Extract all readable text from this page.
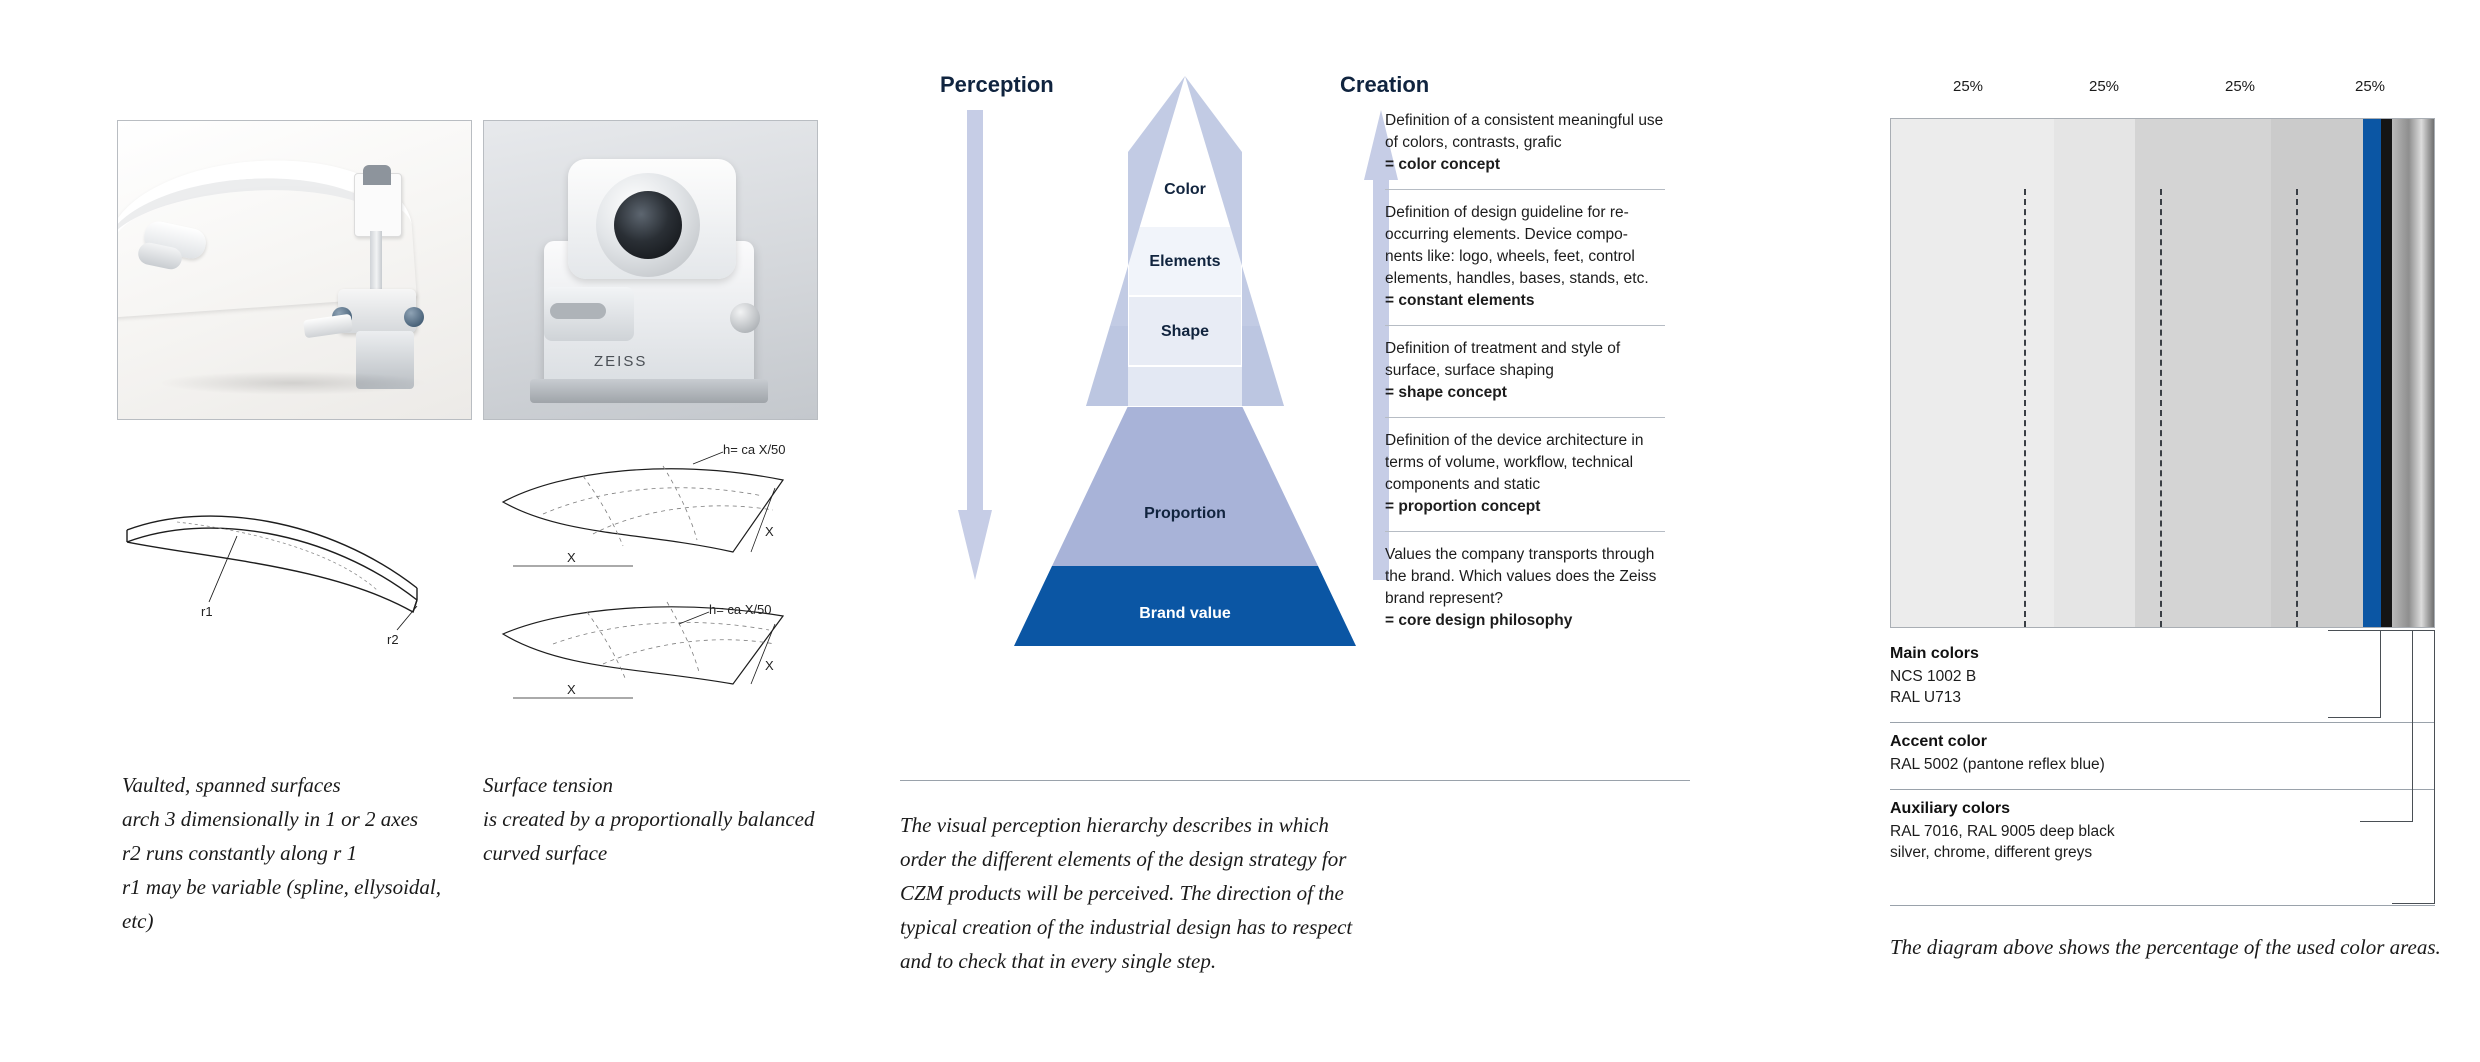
ZEISS
r1
r2
h= ca X/50
X
X
h= ca X/50
X
X
Vaulted, spanned surfaces
arch 3 dimensionally in 1 or 2 axes
r2 runs constantly along r 1
r1 may be variable (spline, ellysoidal, etc)
Surface tension
is created by a proportionally balanced
curved surface
Perception	Creation
Color
Elements
Shape
Proportion
Brand value
Definition of a consistent meaningful use of colors, contrasts, grafic
= color concept
Definition of design guideline for re-occurring elements. Device compo-nents like: logo, wheels, feet, control elements, handles, bases, stands, etc.
= constant elements
Definition of treatment and style of surface, surface shaping
= shape concept
Definition of the device architecture in terms of volume, workflow, technical components and static
= proportion concept
Values the company transports through the brand. Which values does the Zeiss brand represent?
= core design philosophy
The visual perception hierarchy describes in which order the different elements of the design strategy for CZM products will be perceived. The direction of the typical creation of the industrial design has to respect and to check that in every single step.
25%	25%	25%	25%
Main colors
NCS 1002 B
RAL U713
Accent color
RAL 5002 (pantone reflex blue)
Auxiliary colors
RAL 7016, RAL 9005 deep black
silver, chrome, different greys
The diagram above shows the percentage of the used color areas.
